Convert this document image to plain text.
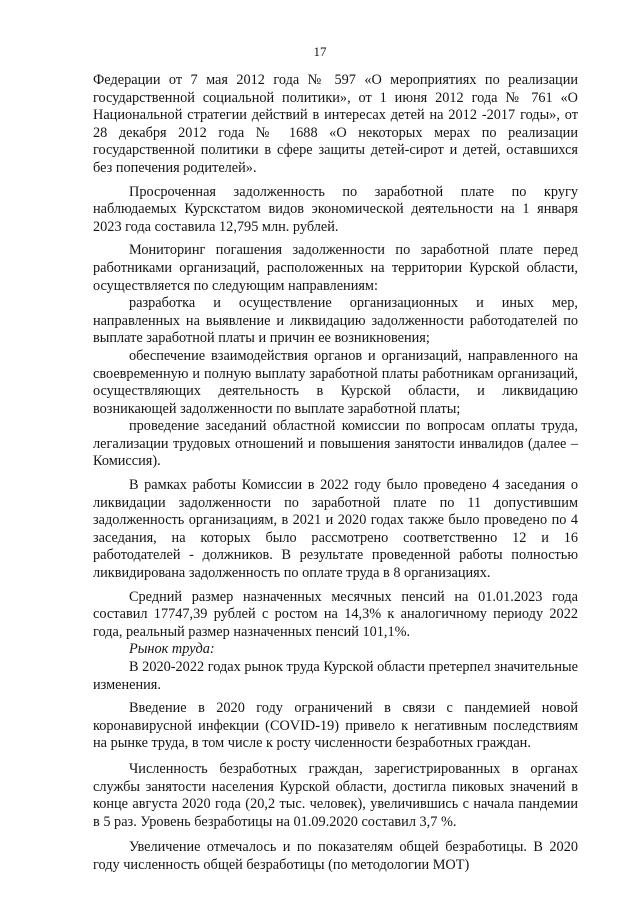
17

Федерации от 7 мая 2012 года № 597 «О мероприятиях по реализации государственной социальной политики», от 1 июня 2012 года № 761 «О Национальной стратегии действий в интересах детей на 2012 -2017 годы», от 28 декабря 2012 года № 1688 «О некоторых мерах по реализации государственной политики в сфере защиты детей-сирот и детей, оставшихся без попечения родителей».

Просроченная задолженность по заработной плате по кругу наблюдаемых Курскстатом видов экономической деятельности на 1 января 2023 года составила 12,795 млн. рублей.

Мониторинг погашения задолженности по заработной плате перед работниками организаций, расположенных на территории Курской области, осуществляется по следующим направлениям:

разработка и осуществление организационных и иных мер, направленных на выявление и ликвидацию задолженности работодателей по выплате заработной платы и причин ее возникновения;

обеспечение взаимодействия органов и организаций, направленного на своевременную и полную выплату заработной платы работникам организаций, осуществляющих деятельность в Курской области, и ликвидацию возникающей задолженности по выплате заработной платы;

проведение заседаний областной комиссии по вопросам оплаты труда, легализации трудовых отношений и повышения занятости инвалидов (далее – Комиссия).

В рамках работы Комиссии в 2022 году было проведено 4 заседания о ликвидации задолженности по заработной плате по 11 допустившим задолженность организациям, в 2021 и 2020 годах также было проведено по 4 заседания, на которых было рассмотрено соответственно 12 и 16 работодателей - должников. В результате проведенной работы полностью ликвидирована задолженность по оплате труда в 8 организациях.

Средний размер назначенных месячных пенсий на 01.01.2023 года составил 17747,39 рублей с ростом на 14,3% к аналогичному периоду 2022 года, реальный размер назначенных пенсий 101,1%.

Рынок труда:

В 2020-2022 годах рынок труда Курской области претерпел значительные изменения.

Введение в 2020 году ограничений в связи с пандемией новой коронавирусной инфекции (COVID-19) привело к негативным последствиям на рынке труда, в том числе к росту численности безработных граждан.

Численность безработных граждан, зарегистрированных в органах службы занятости населения Курской области, достигла пиковых значений в конце августа 2020 года (20,2 тыс. человек), увеличившись с начала пандемии в 5 раз. Уровень безработицы на 01.09.2020 составил 3,7 %.

Увеличение отмечалось и по показателям общей безработицы. В 2020 году численность общей безработицы (по методологии МОТ)
